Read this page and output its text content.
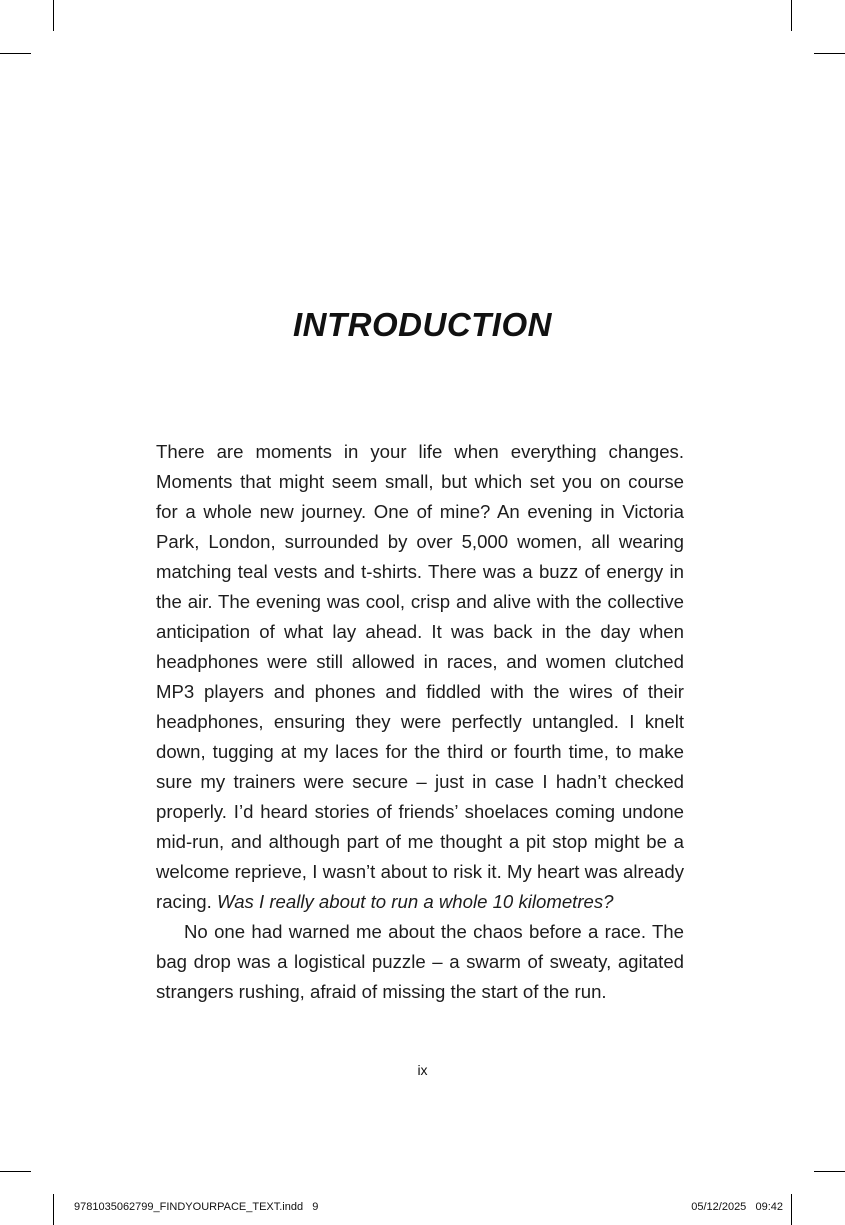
INTRODUCTION

There are moments in your life when everything changes. Moments that might seem small, but which set you on course for a whole new journey. One of mine? An evening in Victoria Park, London, surrounded by over 5,000 women, all wearing matching teal vests and t-shirts. There was a buzz of energy in the air. The evening was cool, crisp and alive with the collective anticipation of what lay ahead. It was back in the day when headphones were still allowed in races, and women clutched MP3 players and phones and fiddled with the wires of their headphones, ensuring they were perfectly untangled. I knelt down, tugging at my laces for the third or fourth time, to make sure my trainers were secure – just in case I hadn’t checked properly. I’d heard stories of friends’ shoelaces coming undone mid-run, and although part of me thought a pit stop might be a welcome reprieve, I wasn’t about to risk it. My heart was already racing. Was I really about to run a whole 10 kilometres?

No one had warned me about the chaos before a race. The bag drop was a logistical puzzle – a swarm of sweaty, agitated strangers rushing, afraid of missing the start of the run.

ix
9781035062799_FINDYOURPACE_TEXT.indd   9	05/12/2025   09:42
